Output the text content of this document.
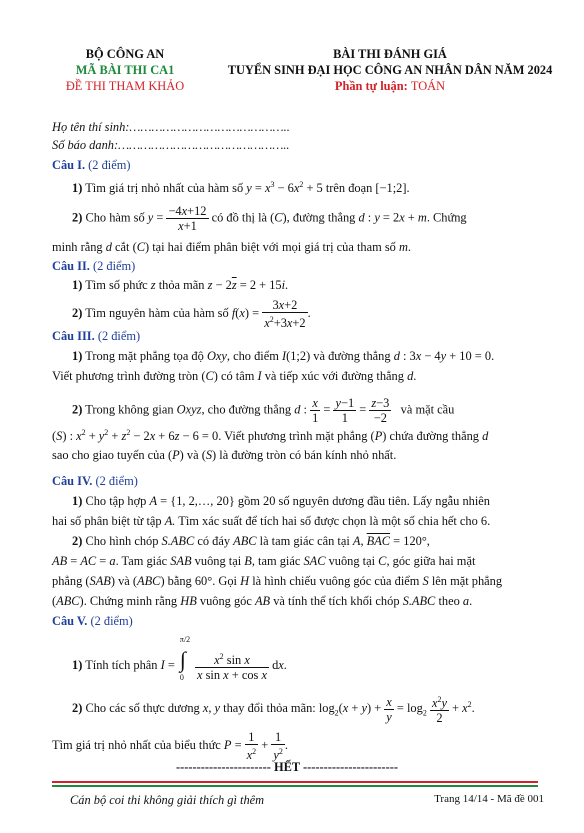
BỘ CÔNG AN
MÃ BÀI THI CA1
ĐỀ THI THAM KHẢO
BÀI THI ĐÁNH GIÁ
TUYỂN SINH ĐẠI HỌC CÔNG AN NHÂN DÂN NĂM 2024
Phần tự luận: TOÁN
Họ tên thí sinh:……………………………………..
Số báo danh:………………………………………..
Câu I. (2 điểm)
1) Tìm giá trị nhỏ nhất của hàm số $y = x^3 - 6x^2 + 5$ trên đoạn [−1;2].
2) Cho hàm số $y = \frac{-4x+12}{x+1}$ có đồ thị là (C), đường thẳng d : y = 2x + m. Chứng
minh rằng d cắt (C) tại hai điểm phân biệt với mọi giá trị của tham số m.
Câu II. (2 điểm)
1) Tìm số phức z thỏa mãn $z - 2\overline{z} = 2 + 15i$.
2) Tìm nguyên hàm của hàm số $f(x) = \frac{3x+2}{x^2+3x+2}$ .
Câu III. (2 điểm)
1) Trong mặt phẳng tọa độ Oxy, cho điểm I(1;2) và đường thẳng d : 3x − 4y + 10 = 0.
Viết phương trình đường tròn (C) có tâm I và tiếp xúc với đường thẳng d.
2) Trong không gian Oxyz, cho đường thẳng d : $\frac{x}{1} = \frac{y-1}{1} = \frac{z-3}{-2}$ và mặt cầu
(S) : $x^2 + y^2 + z^2 - 2x + 6z - 6 = 0$. Viết phương trình mặt phẳng (P) chứa đường thẳng d
sao cho giao tuyến của (P) và (S) là đường tròn có bán kính nhỏ nhất.
Câu IV. (2 điểm)
1) Cho tập hợp A = {1, 2,…, 20} gồm 20 số nguyên dương đầu tiên. Lấy ngẫu nhiên
hai số phân biệt từ tập A. Tìm xác suất để tích hai số được chọn là một số chia hết cho 6.
2) Cho hình chóp S.ABC có đáy ABC là tam giác cân tại A, $\overline{BAC} = 120^\circ$,
AB = AC = a. Tam giác SAB vuông tại B, tam giác SAC vuông tại C, góc giữa hai mặt
phẳng (SAB) và (ABC) bằng 60°. Gọi H là hình chiếu vuông góc của điểm S lên mặt phẳng
(ABC). Chứng minh rằng HB vuông góc AB và tính thể tích khối chóp S.ABC theo a.
Câu V. (2 điểm)
1) Tính tích phân I =
π/2
∫
0
$\frac{x^2 \sin x}{\text{x sin x + cos x}}$ dx.
2) Cho các số thực dương x, y thay đổi thỏa mãn: $\log_2(x + y) + \frac{x}{y} = \log_2 \frac{x^2y}{2} + x^2$.
Tìm giá trị nhỏ nhất của biểu thức $P = \frac{1}{x^2} + \frac{1}{y^2}$ .
----------------------- HẾT -----------------------
Cán bộ coi thi không giải thích gì thêm	Trang 14/14 - Mã đề 001
